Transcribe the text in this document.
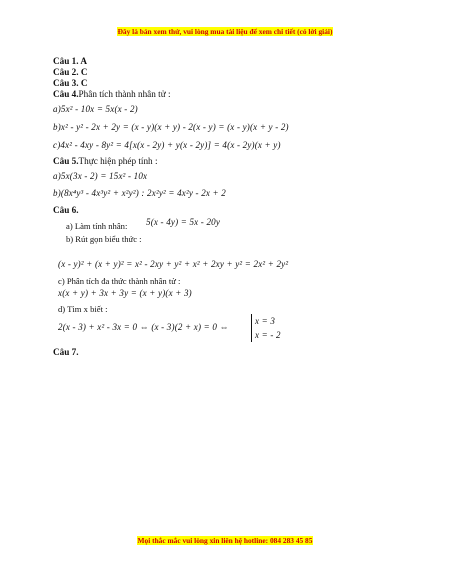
Đây là bản xem thử, vui lòng mua tài liệu để xem chi tiết (có lời giải)
Câu 1. A
Câu 2. C
Câu 3. C
Câu 4.Phân tích thành nhân tử :
a)5x² - 10x = 5x(x - 2)
b)x² - y² - 2x + 2y = (x - y)(x + y) - 2(x - y) = (x - y)(x + y - 2)
c)4x² - 4xy - 8y² = 4[x(x - 2y) + y(x - 2y)] = 4(x - 2y)(x + y)
Câu 5.Thực hiện phép tính :
a)5x(3x - 2) = 15x² - 10x
b)(8x⁴y³ - 4x³y² + x²y²) : 2x²y² = 4x²y - 2x + 2
Câu 6.
a) Làm tính nhân: 5(x - 4y) = 5x - 20y
b) Rút gọn biểu thức :
(x - y)² + (x + y)² = x² - 2xy + y² + x² + 2xy + y² = 2x² + 2y²
c) Phân tích đa thức thành nhân tử :
x(x + y) + 3x + 3y = (x + y)(x + 3)
d) Tìm x biết :
2(x - 3) + x² - 3x = 0 ⇔ (x - 3)(2 + x) = 0 ⇔
x = 3
x = - 2
Câu 7.
Mọi thắc mắc vui lòng xin liên hệ hotline: 084 283 45 85
